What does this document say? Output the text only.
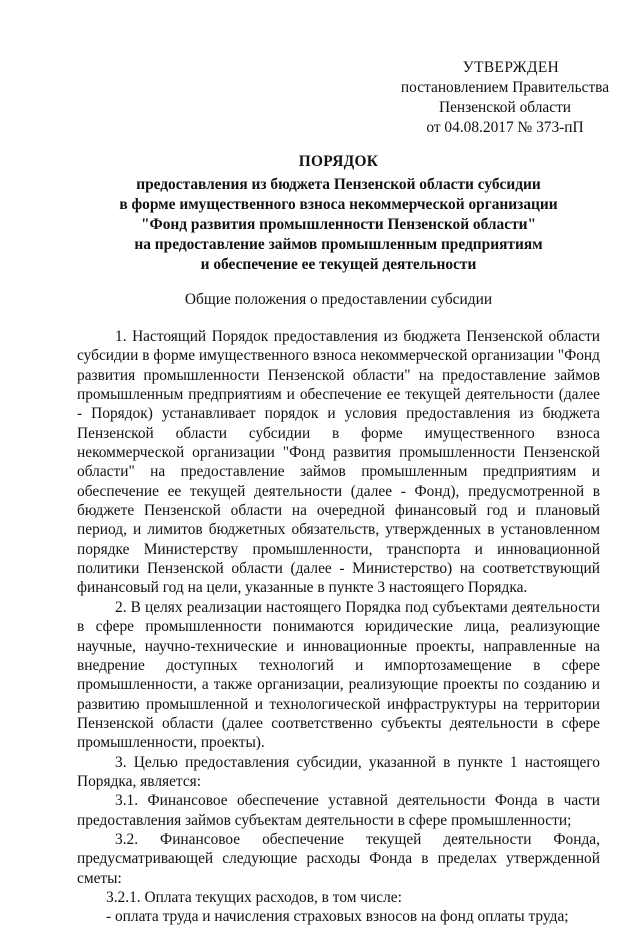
УТВЕРЖДЕН
постановлением Правительства
Пензенской области
от 04.08.2017 № 373-пП
ПОРЯДОК
предоставления из бюджета Пензенской области субсидии
в форме имущественного взноса некоммерческой организации
"Фонд развития промышленности Пензенской области"
на предоставление займов промышленным предприятиям
и обеспечение ее текущей деятельности
Общие положения о предоставлении субсидии

1. Настоящий Порядок предоставления из бюджета Пензенской области субсидии в форме имущественного взноса некоммерческой организации "Фонд развития промышленности Пензенской области" на предоставление займов промышленным предприятиям и обеспечение ее текущей деятельности (далее - Порядок) устанавливает порядок и условия предоставления из бюджета Пензенской области субсидии в форме имущественного взноса некоммерческой организации "Фонд развития промышленности Пензенской области" на предоставление займов промышленным предприятиям и обеспечение ее текущей деятельности (далее - Фонд), предусмотренной в бюджете Пензенской области на очередной финансовый год и плановый период, и лимитов бюджетных обязательств, утвержденных в установленном порядке Министерству промышленности, транспорта и инновационной политики Пензенской области (далее - Министерство) на соответствующий финансовый год на цели, указанные в пункте 3 настоящего Порядка.

2. В целях реализации настоящего Порядка под субъектами деятельности в сфере промышленности понимаются юридические лица, реализующие научные, научно-технические и инновационные проекты, направленные на внедрение доступных технологий и импортозамещение в сфере промышленности, а также организации, реализующие проекты по созданию и развитию промышленной и технологической инфраструктуры на территории Пензенской области (далее соответственно субъекты деятельности в сфере промышленности, проекты).

3. Целью предоставления субсидии, указанной в пункте 1 настоящего Порядка, является:

3.1. Финансовое обеспечение уставной деятельности Фонда в части предоставления займов субъектам деятельности в сфере промышленности;

3.2. Финансовое обеспечение текущей деятельности Фонда, предусматривающей следующие расходы Фонда в пределах утвержденной сметы:

3.2.1. Оплата текущих расходов, в том числе:

- оплата труда и начисления страховых взносов на фонд оплаты труда;
